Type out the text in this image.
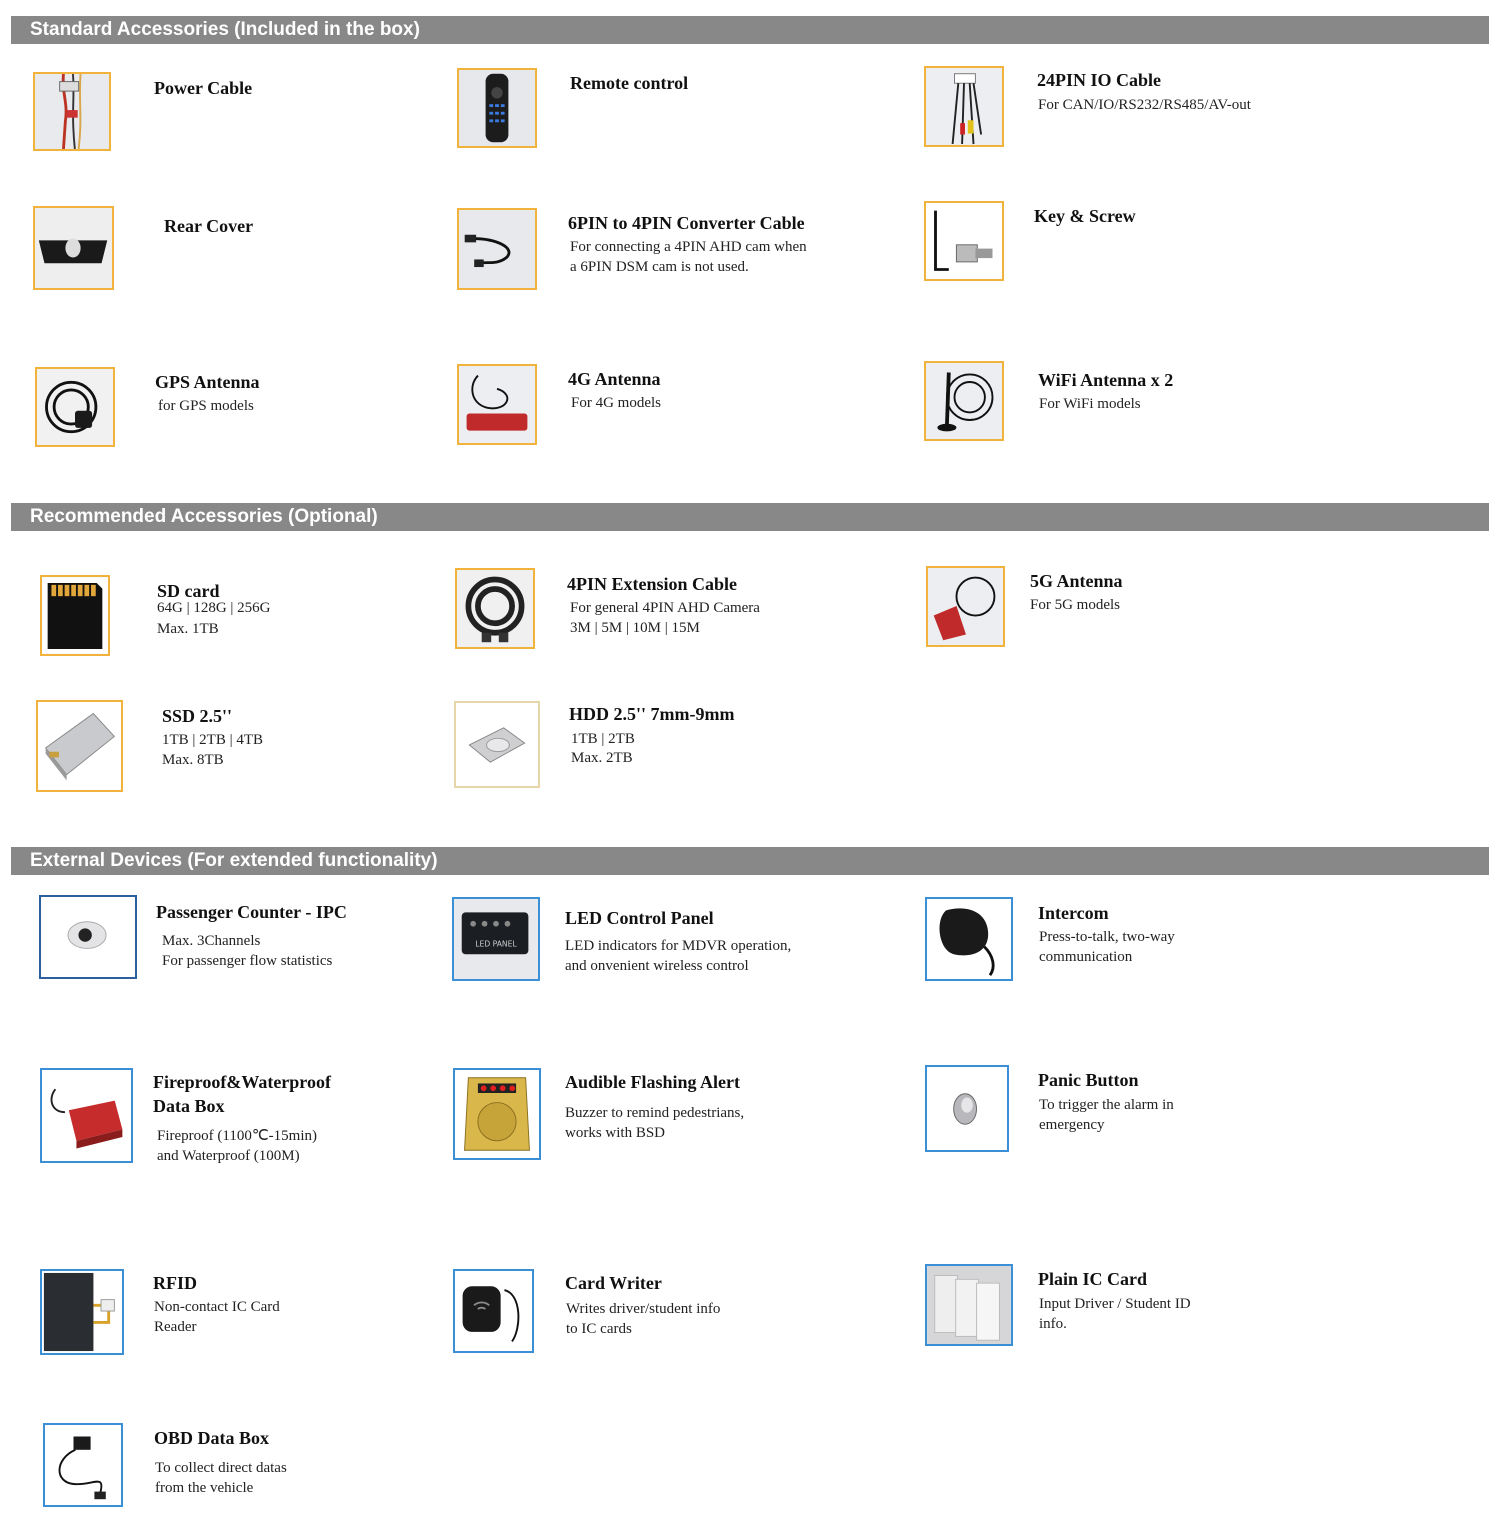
Standard Accessories (Included in the box)
Power Cable	Remote control	24PIN IO Cable
For CAN/IO/RS232/RS485/AV-out
Rear Cover	6PIN to 4PIN Converter Cable
For connecting a 4PIN AHD cam when
a 6PIN DSM cam is not used.
Key & Screw
GPS Antenna
for GPS models
4G Antenna
For 4G models
WiFi Antenna x 2
For WiFi models
Recommended Accessories (Optional)
SD card
64G | 128G | 256G
Max. 1TB
4PIN Extension Cable
For general 4PIN AHD Camera
3M | 5M | 10M | 15M
5G Antenna
For 5G models
SSD 2.5''
1TB | 2TB | 4TB
Max. 8TB
HDD 2.5'' 7mm-9mm
1TB | 2TB
Max. 2TB
External Devices (For extended functionality)
Passenger Counter - IPC
Max. 3Channels
For passenger flow statistics
LED PANEL
LED Control Panel
LED indicators for MDVR operation,
and onvenient wireless control
Intercom
Press-to-talk, two-way
communication
Fireproof&Waterproof
Data Box
Fireproof (1100℃-15min)
and Waterproof (100M)
Audible Flashing Alert
Buzzer to remind pedestrians,
works with BSD
Panic Button
To trigger the alarm in
emergency
RFID
Non-contact IC Card
Reader
Card Writer
Writes driver/student info
to IC cards
Plain IC Card
Input Driver / Student ID
info.
OBD Data Box
To collect direct datas
from the vehicle
